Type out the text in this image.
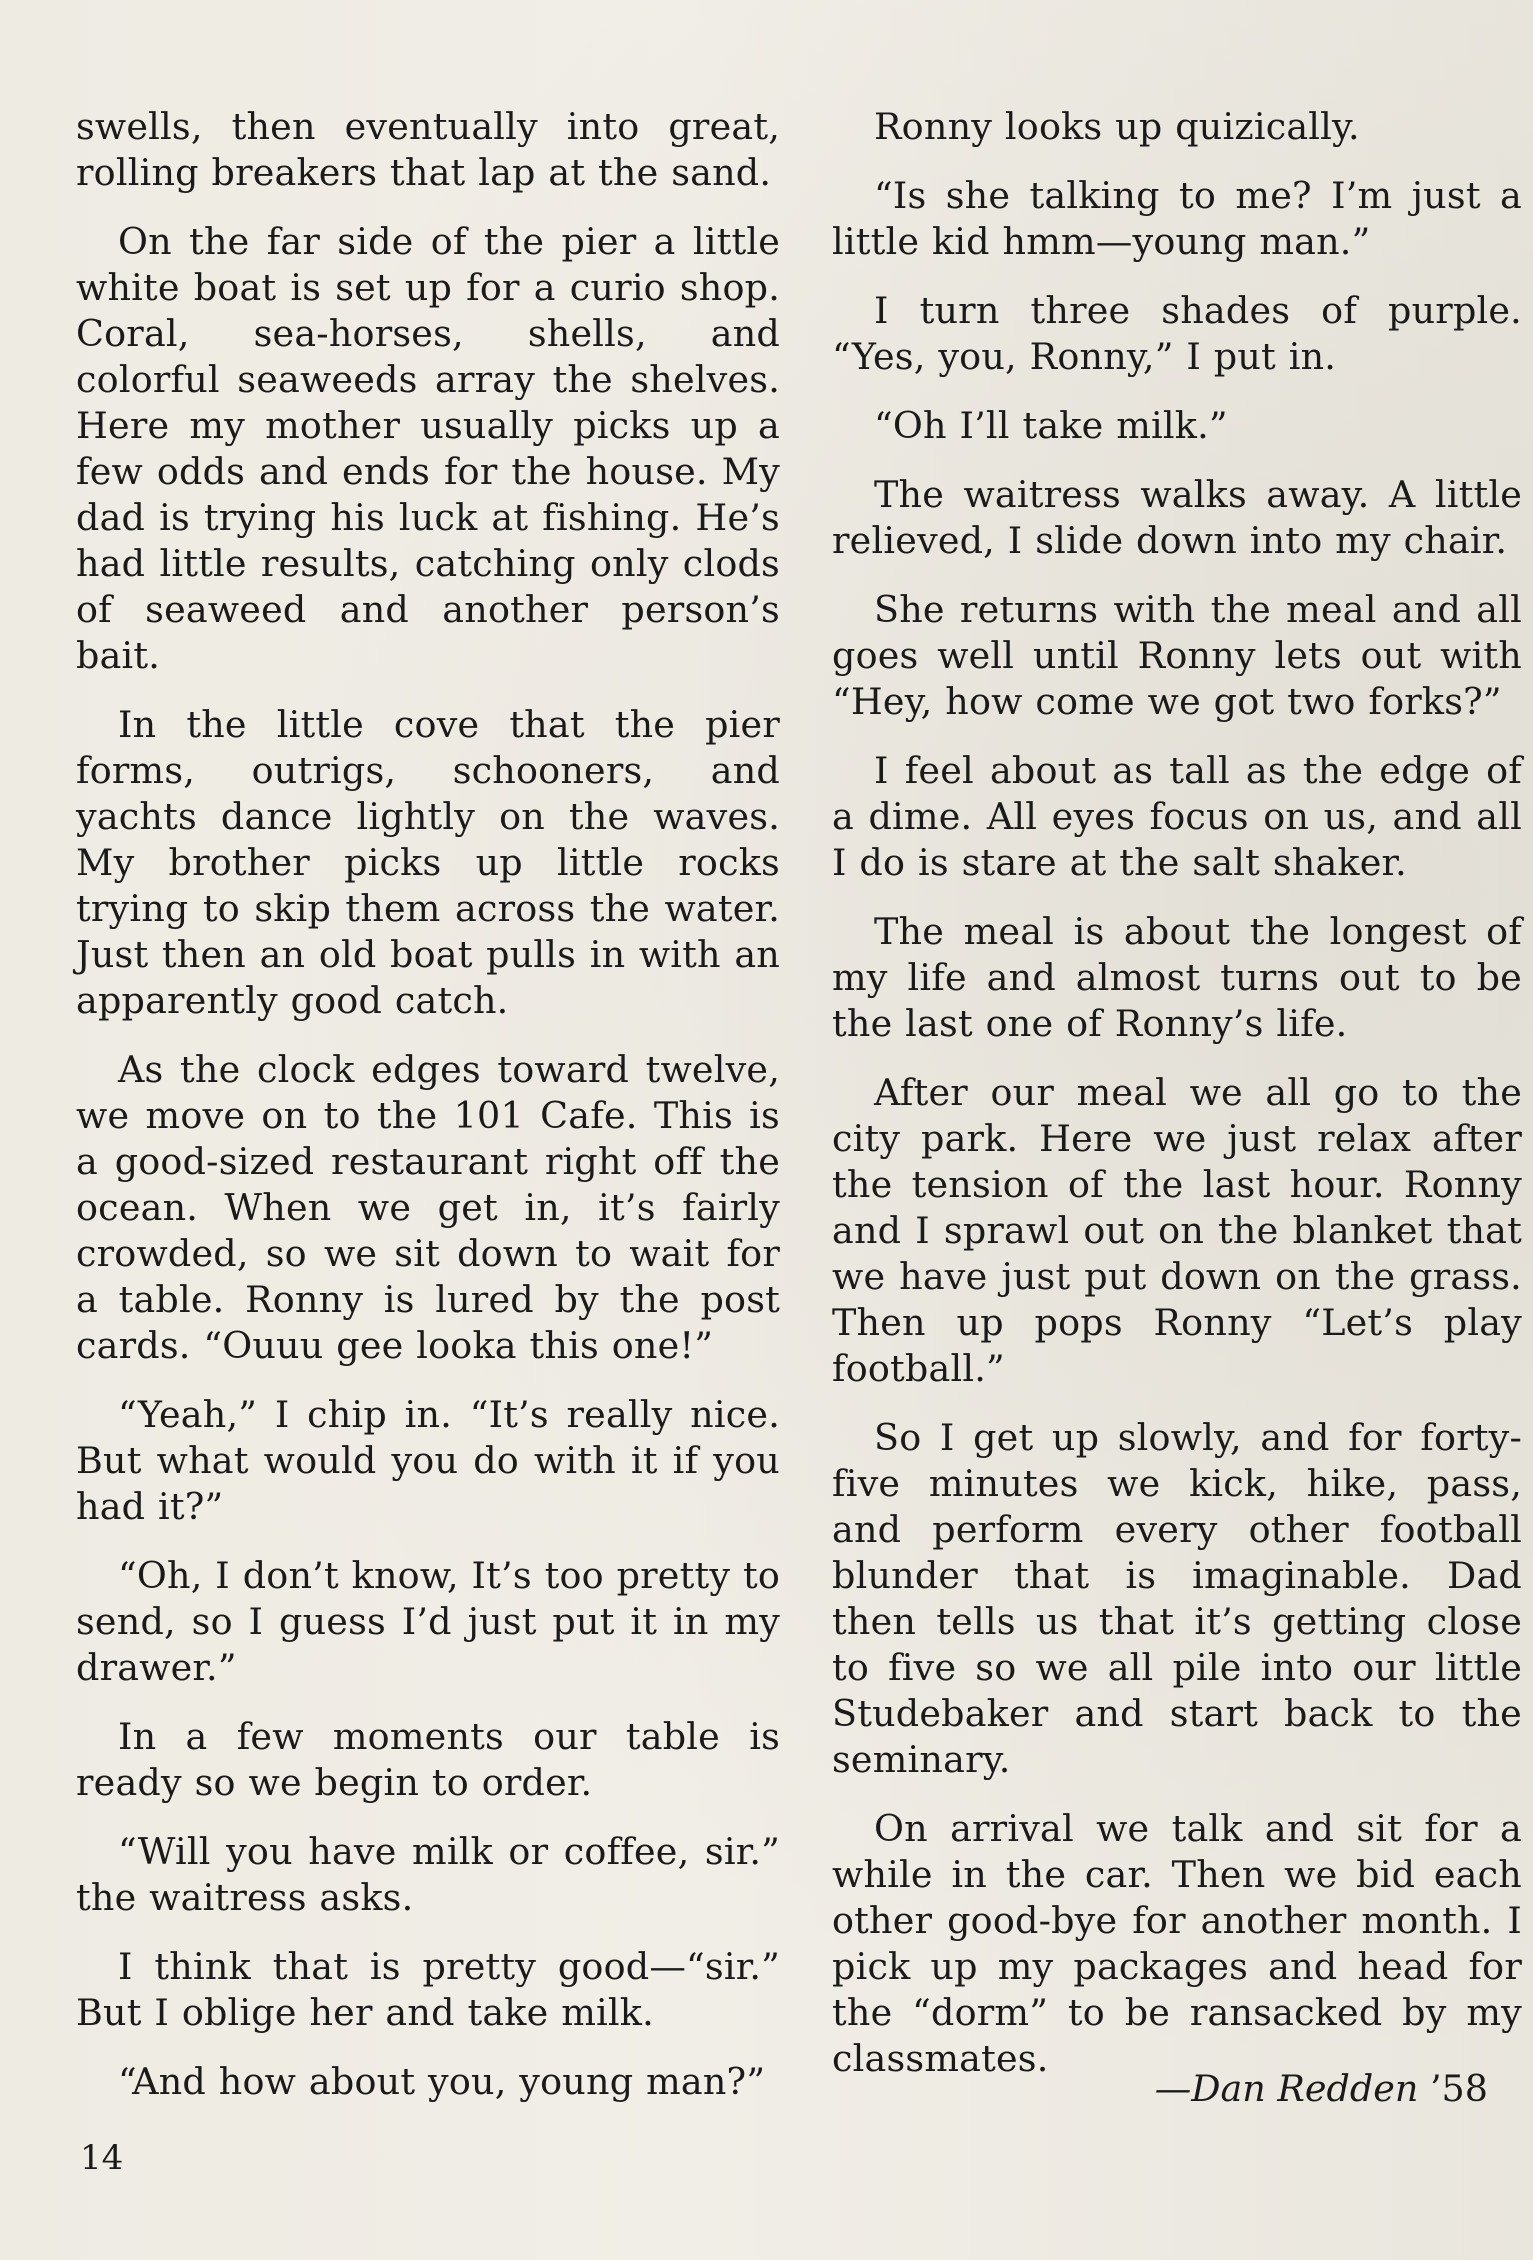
swells, then eventually into great, rolling breakers that lap at the sand.

On the far side of the pier a little white boat is set up for a curio shop. Coral, sea-horses, shells, and colorful seaweeds array the shelves. Here my mother usually picks up a few odds and ends for the house. My dad is trying his luck at fishing. He’s had little results, catching only clods of seaweed and another person’s bait.

In the little cove that the pier forms, outrigs, schooners, and yachts dance lightly on the waves. My brother picks up little rocks trying to skip them across the water. Just then an old boat pulls in with an apparently good catch.

As the clock edges toward twelve, we move on to the 101 Cafe. This is a good-sized restaurant right off the ocean. When we get in, it’s fairly crowded, so we sit down to wait for a table. Ronny is lured by the post cards. “Ouuu gee looka this one!”

“Yeah,” I chip in. “It’s really nice. But what would you do with it if you had it?”

“Oh, I don’t know, It’s too pretty to send, so I guess I’d just put it in my drawer.”

In a few moments our table is ready so we begin to order.

“Will you have milk or coffee, sir.” the waitress asks.

I think that is pretty good—“sir.” But I oblige her and take milk.

“And how about you, young man?”

Ronny looks up quizically.

“Is she talking to me? I’m just a little kid hmm—young man.”

I turn three shades of purple. “Yes, you, Ronny,” I put in.

“Oh I’ll take milk.”

The waitress walks away. A little relieved, I slide down into my chair.

She returns with the meal and all goes well until Ronny lets out with “Hey, how come we got two forks?”

I feel about as tall as the edge of a dime. All eyes focus on us, and all I do is stare at the salt shaker.

The meal is about the longest of my life and almost turns out to be the last one of Ronny’s life.

After our meal we all go to the city park. Here we just relax after the tension of the last hour. Ronny and I sprawl out on the blanket that we have just put down on the grass. Then up pops Ronny “Let’s play football.”

So I get up slowly, and for forty-five minutes we kick, hike, pass, and perform every other football blunder that is imaginable. Dad then tells us that it’s getting close to five so we all pile into our little Studebaker and start back to the seminary.

On arrival we talk and sit for a while in the car. Then we bid each other good-bye for another month. I pick up my packages and head for the “dorm” to be ransacked by my classmates.

—Dan Redden ’58
14
